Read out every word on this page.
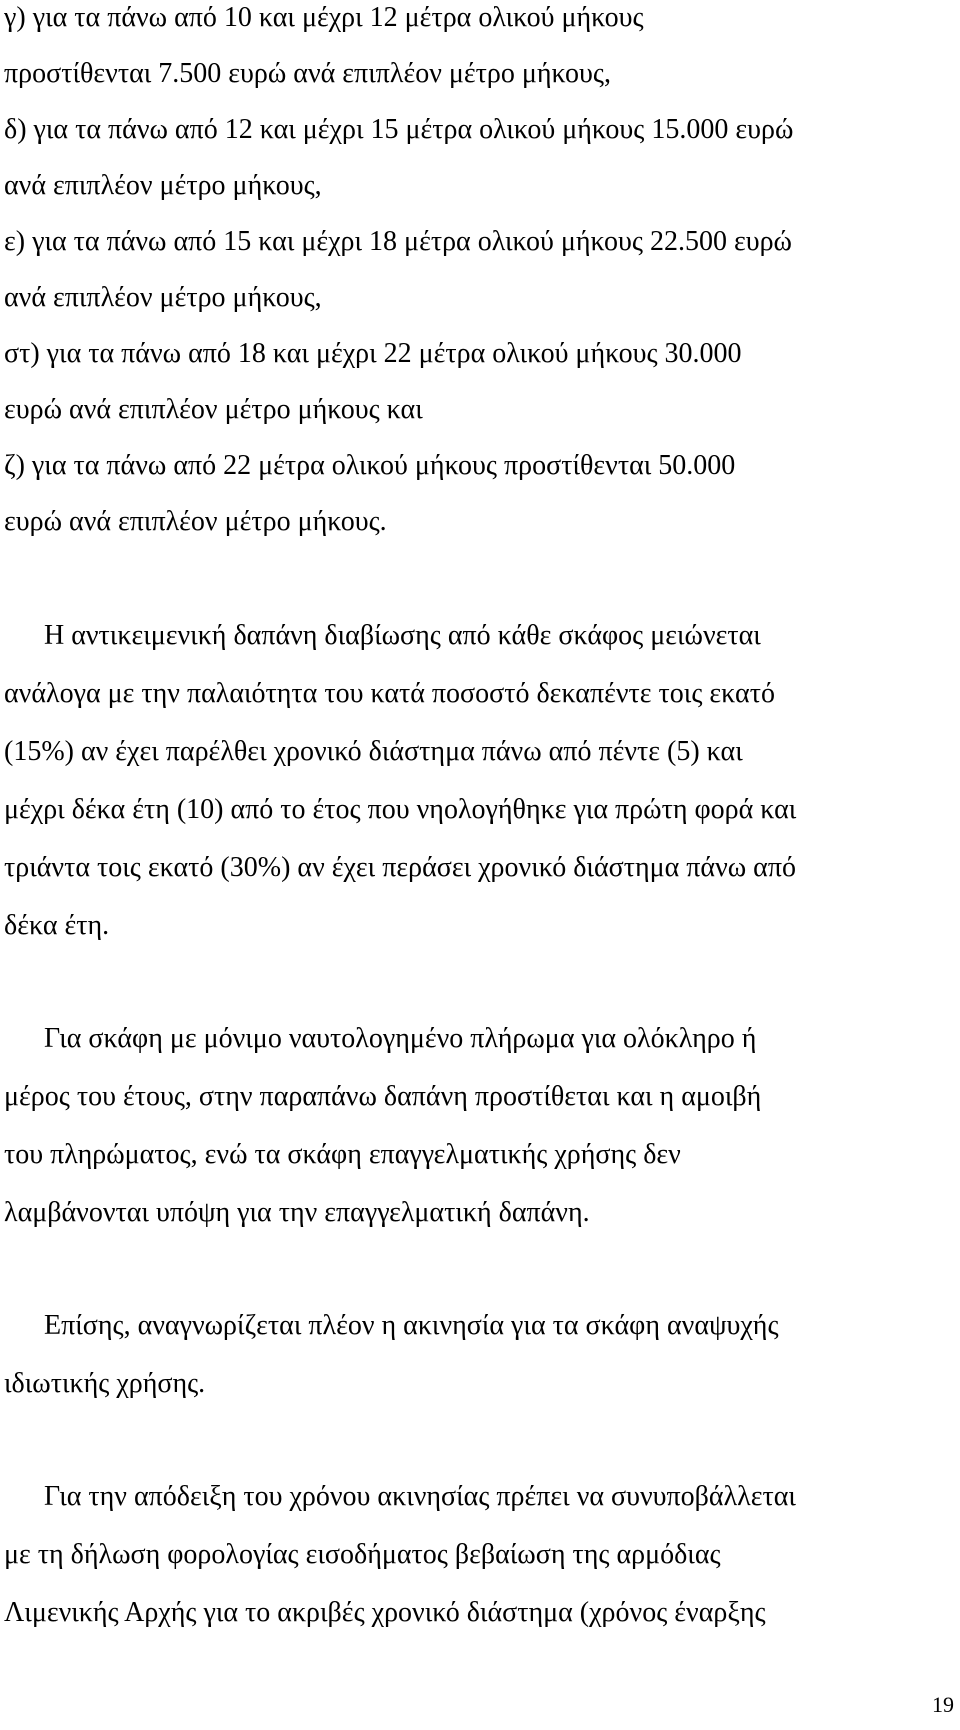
γ) για τα πάνω από 10 και μέχρι 12 μέτρα ολικού μήκους
προστίθενται 7.500 ευρώ ανά επιπλέον μέτρο μήκους,
δ) για τα πάνω από 12 και μέχρι 15 μέτρα ολικού μήκους 15.000 ευρώ
ανά επιπλέον μέτρο μήκους,
ε) για τα πάνω από 15 και μέχρι 18 μέτρα ολικού μήκους 22.500 ευρώ
ανά επιπλέον μέτρο μήκους,
στ) για τα πάνω από 18 και μέχρι 22 μέτρα ολικού μήκους 30.000
ευρώ ανά επιπλέον μέτρο μήκους και
ζ) για τα πάνω από 22 μέτρα ολικού μήκους προστίθενται 50.000
ευρώ ανά επιπλέον μέτρο μήκους.
Η αντικειμενική δαπάνη διαβίωσης από κάθε σκάφος μειώνεται
ανάλογα με την παλαιότητα του κατά ποσοστό δεκαπέντε τοις εκατό
(15%) αν έχει παρέλθει χρονικό διάστημα πάνω από πέντε (5) και
μέχρι δέκα έτη (10) από το έτος που νηολογήθηκε για πρώτη φορά και
τριάντα τοις εκατό (30%) αν έχει περάσει χρονικό διάστημα πάνω από
δέκα έτη.
Για σκάφη με μόνιμο ναυτολογημένο πλήρωμα για ολόκληρο ή
μέρος του έτους, στην παραπάνω δαπάνη προστίθεται και η αμοιβή
του πληρώματος, ενώ τα σκάφη επαγγελματικής χρήσης δεν
λαμβάνονται υπόψη για την επαγγελματική δαπάνη.
Επίσης, αναγνωρίζεται πλέον η ακινησία για τα σκάφη αναψυχής
ιδιωτικής χρήσης.
Για την απόδειξη του χρόνου ακινησίας πρέπει να συνυποβάλλεται
με τη δήλωση φορολογίας εισοδήματος βεβαίωση της αρμόδιας
Λιμενικής Αρχής για το ακριβές χρονικό διάστημα (χρόνος έναρξης
19
